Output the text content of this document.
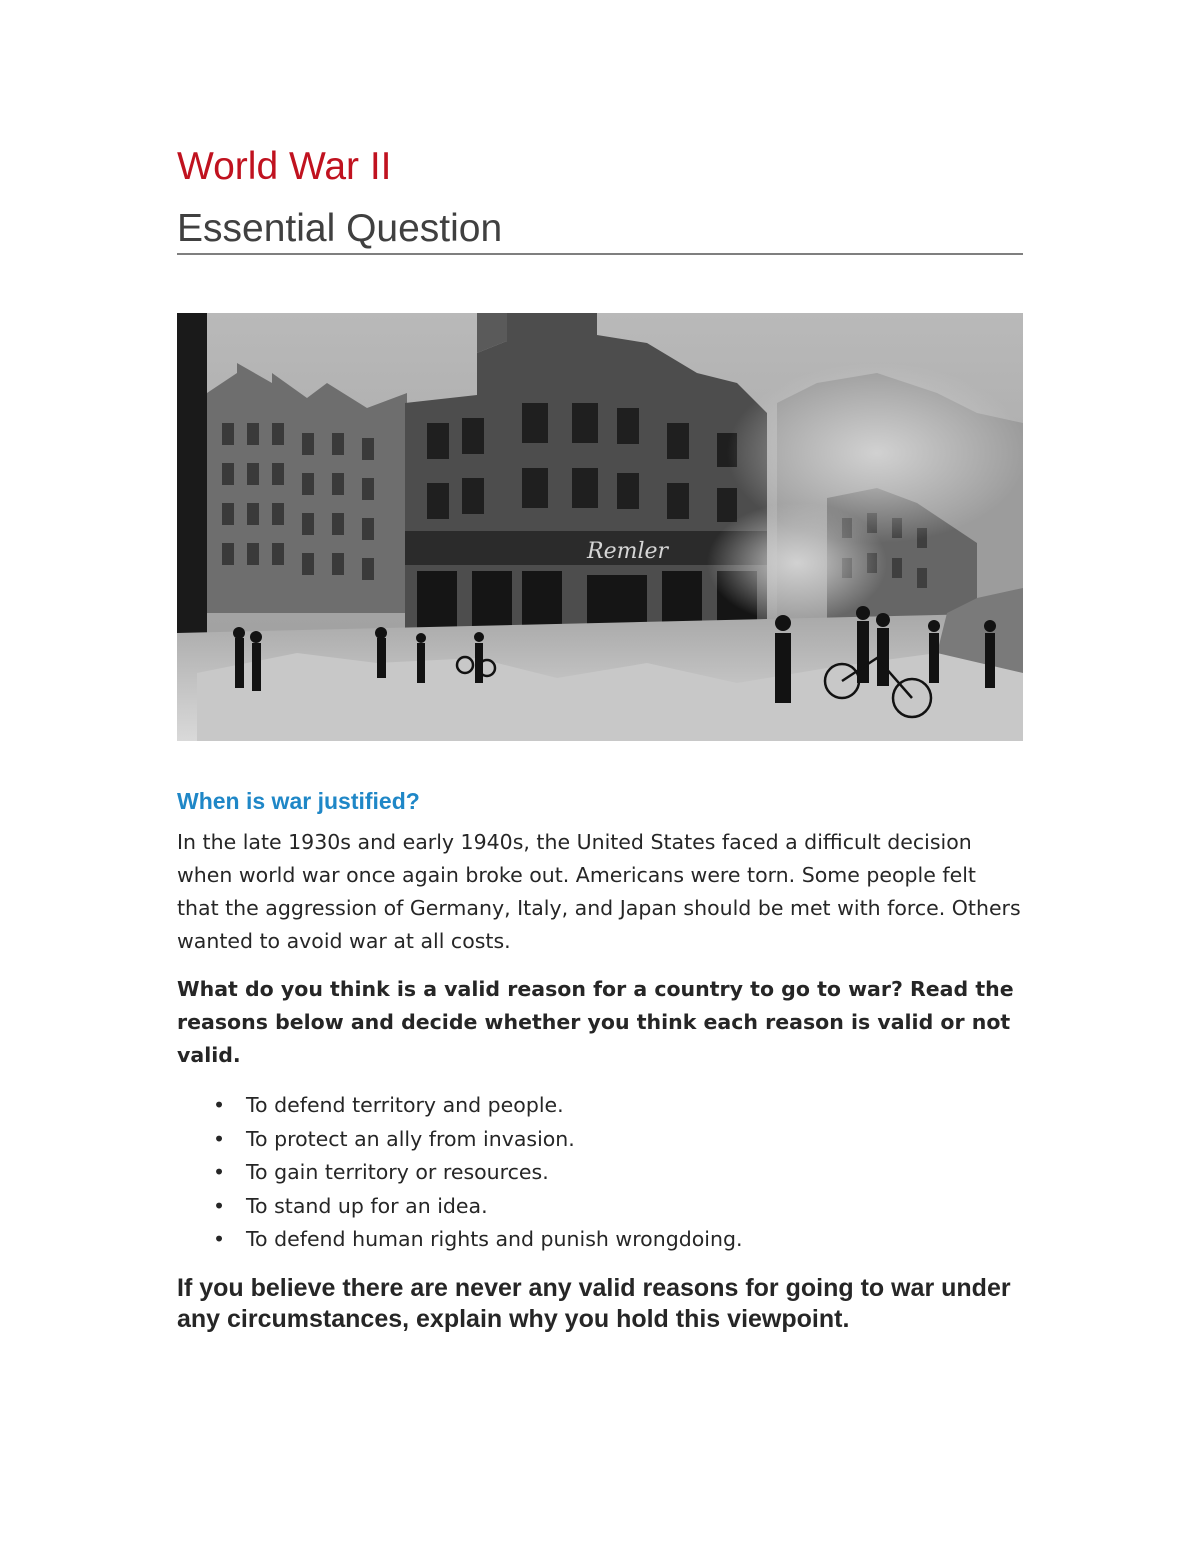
World War II
Essential Question
Remler
When is war justified?

In the late 1930s and early 1940s, the United States faced a difficult decision when world war once again broke out. Americans were torn. Some people felt that the aggression of Germany, Italy, and Japan should be met with force. Others wanted to avoid war at all costs.

What do you think is a valid reason for a country to go to war? Read the reasons below and decide whether you think each reason is valid or not valid.

• To defend territory and people.
• To protect an ally from invasion.
• To gain territory or resources.
• To stand up for an idea.
• To defend human rights and punish wrongdoing.

If you believe there are never any valid reasons for going to war under any circumstances, explain why you hold this viewpoint.
